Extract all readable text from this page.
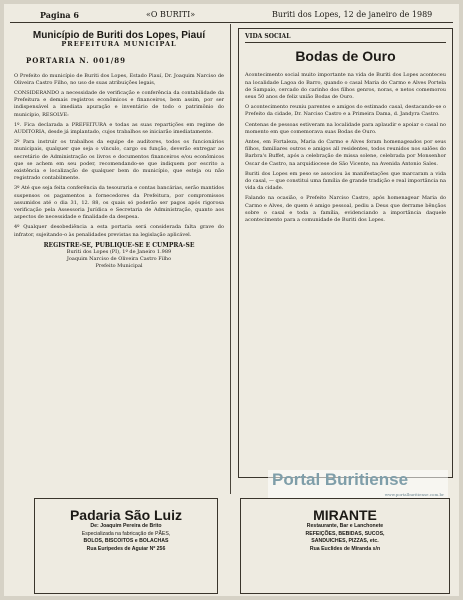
Pagina 6	«O BURITI»	Buriti dos Lopes, 12 de janeiro de 1989
Município de Buriti dos Lopes, Piauí
PREFEITURA MUNICIPAL
PORTARIA N. 001/89

O Prefeito do município de Buriti dos Lopes, Estado Piauí, Dr. Joaquim Narciso de Oliveira Castro Filho, no uso de suas atribuições legais,

CONSIDERANDO a necessidade de verificação e conferência da contabilidade da Prefeitura e demais registros econômicos e financeiros, bem assim, por ser indispensável a imediata apuração e inventário de todo o patrimônio do município, RESOLVE:

1º. Fica declarada a PREFEITURA e todas as suas repartições em regime de AUDITORIA, desde já implantado, cujos trabalhos se iniciarão imediatamente.

2º Para instruir os trabalhos da equipe de auditores, todos os funcionários municipais, qualquer que seja o vínculo, cargo ou função, deverão entregar ao secretário de Administração os livros e documentos financeiros e/ou econômicos que se achem em seu poder, recomendando-se que indiquem por escrito a existência e localização de qualquer bem do município, que esteja ou não registrado contabilmente.

3º Até que seja feita conferência da tesouraria e contas bancárias, serão mantidos suspensos os pagamentos a fornecedores da Prefeitura, por compromissos assumidos até o dia 31, 12. 88, os quais só poderão ser pagos após rigorosa verificação pela Assessoria Jurídica e Secretaria de Administração, quanto aos aspectos de necessidade e finalidade da despesa.

4º Qualquer desobediência a esta portaria será considerada falta grave do infrator, sujeitando-o às penalidades previstas na legislação aplicável.

REGISTRE-SE, PUBLIQUE-SE E CUMPRA-SE
Buriti dos Lopes (PI), 1º de Janeiro 1.989
Joaquim Narciso de Oliveira Castro Filho
Prefeito Municipal
VIDA SOCIAL
Bodas de Ouro

Acontecimento social muito importante na vida de Buriti dos Lopes aconteceu na localidade Lagoa do Barro, quando o casal Maria do Carmo e Alves Portela de Sampaio, cercado do carinho dos filhos genros, noras, e netos comemorou seus 50 anos de feliz união Bodas de Ouro.

O acontecimento reuniu parentes e amigos do estimado casal, destacando-se o Prefeito da cidade, Dr. Narciso Castro e a Primeira Dama, d. Jandyra Castro.

Centenas de pessoas estiveram na localidade para aplaudir e apoiar o casal no momento em que comemorava suas Bodas de Ouro.

Antes, em Fortaleza, Maria do Carmo e Alves foram homenageados por seus filhos, familiares outros e amigos all residentes, todos reunidos nos salões do Barbra's Buffet, após a celebração de missa solene, celebrada por Monsenhor Oscar de Castro, na arquidiocese de São Vicente, na Avenida Antonio Sales.

Buriti dos Lopes em peso se associou às manifestações que marcaram a vida do casal, — que constitui uma família de grande tradição e real importância na vida da cidade.

Falando na ocasião, o Prefeito Narciso Castro, após homenagear Maria do Carmo e Alves, de quem é amigo pessoal, pediu a Deus que derrame bênçãos sobre o casal e toda a família, evidenciando a importância daquele acontecimento para a comunidade de Buriti dos Lopes.

Portal Buritiense
www.portalburitiense.com.br
Padaria São Luiz
De: Joaquim Pereira de Brito
Especializada na fabricação de PÃES,
BOLOS, BISCOITOS e BOLACHAS
Rua Euripedes de Aguiar Nº 256
MIRANTE
Restaurante, Bar e Lanchonete
REFEIÇÕES, BEBIDAS, SUCOS,
SANDUICHES, PIZZAS, etc.
Rua Euclides de Miranda s/n
